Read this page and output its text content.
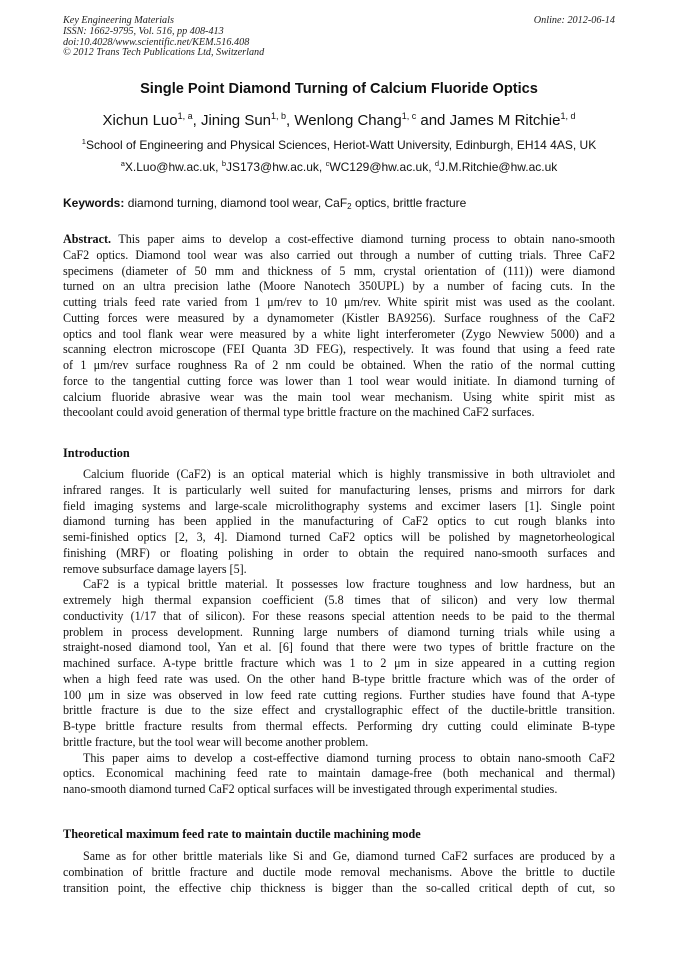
Key Engineering Materials
ISSN: 1662-9795, Vol. 516, pp 408-413
doi:10.4028/www.scientific.net/KEM.516.408
© 2012 Trans Tech Publications Ltd, Switzerland
Online: 2012-06-14
Single Point Diamond Turning of Calcium Fluoride Optics
Xichun Luo$^{1, a}$, Jining Sun$^{1, b}$, Wenlong Chang$^{1, c}$ and James M Ritchie$^{1, d}$
$^1$School of Engineering and Physical Sciences, Heriot-Watt University, Edinburgh, EH14 4AS, UK
$^a$X.Luo@hw.ac.uk, $^b$JS173@hw.ac.uk, $^c$WC129@hw.ac.uk, $^d$J.M.Ritchie@hw.ac.uk
Keywords: diamond turning, diamond tool wear, CaF$_2$ optics, brittle fracture
Abstract. This paper aims to develop a cost-effective diamond turning process to obtain nano-smooth
CaF2 optics. Diamond tool wear was also carried out through a number of cutting trials. Three CaF2
specimens (diameter of 50 mm and thickness of 5 mm, crystal orientation of (111)) were diamond
turned on an ultra precision lathe (Moore Nanotech 350UPL) by a number of facing cuts. In the
cutting trials feed rate varied from 1 μm/rev to 10 μm/rev. White spirit mist was used as the coolant.
Cutting forces were measured by a dynamometer (Kistler BA9256). Surface roughness of the CaF2
optics and tool flank wear were measured by a white light interferometer (Zygo Newview 5000) and a
scanning electron microscope (FEI Quanta 3D FEG), respectively. It was found that using a feed rate
of 1 μm/rev surface roughness Ra of 2 nm could be obtained. When the ratio of the normal cutting
force to the tangential cutting force was lower than 1 tool wear would initiate. In diamond turning of
calcium fluoride abrasive wear was the main tool wear mechanism. Using white spirit mist as
thecoolant could avoid generation of thermal type brittle fracture on the machined CaF2 surfaces.
Introduction
Calcium fluoride (CaF2) is an optical material which is highly transmissive in both ultraviolet and
infrared ranges. It is particularly well suited for manufacturing lenses, prisms and mirrors for dark
field imaging systems and large-scale microlithography systems and excimer lasers [1]. Single point
diamond turning has been applied in the manufacturing of CaF2 optics to cut rough blanks into
semi-finished optics [2, 3, 4]. Diamond turned CaF2 optics will be polished by magnetorheological
finishing (MRF) or floating polishing in order to obtain the required nano-smooth surfaces and
remove subsurface damage layers [5].
CaF2 is a typical brittle material. It possesses low fracture toughness and low hardness, but an
extremely high thermal expansion coefficient (5.8 times that of silicon) and very low thermal
conductivity (1/17 that of silicon). For these reasons special attention needs to be paid to the thermal
problem in process development. Running large numbers of diamond turning trials while using a
straight-nosed diamond tool, Yan et al. [6] found that there were two types of brittle fracture on the
machined surface. A-type brittle fracture which was 1 to 2 μm in size appeared in a cutting region
when a high feed rate was used. On the other hand B-type brittle fracture which was of the order of
100 μm in size was observed in low feed rate cutting regions. Further studies have found that A-type
brittle fracture is due to the size effect and crystallographic effect of the ductile-brittle transition.
B-type brittle fracture results from thermal effects. Performing dry cutting could eliminate B-type
brittle fracture, but the tool wear will become another problem.
This paper aims to develop a cost-effective diamond turning process to obtain nano-smooth CaF2
optics. Economical machining feed rate to maintain damage-free (both mechanical and thermal)
nano-smooth diamond turned CaF2 optical surfaces will be investigated through experimental studies.
Theoretical maximum feed rate to maintain ductile machining mode
Same as for other brittle materials like Si and Ge, diamond turned CaF2 surfaces are produced by a
combination of brittle fracture and ductile mode removal mechanisms. Above the brittle to ductile
transition point, the effective chip thickness is bigger than the so-called critical depth of cut, so
